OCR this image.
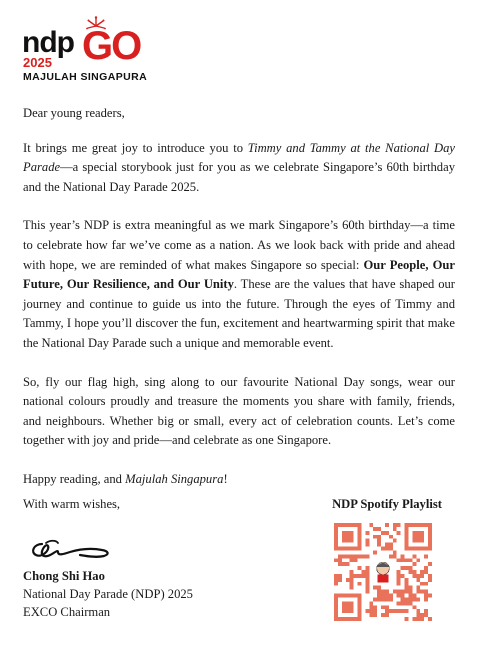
ndp GO
2025
MAJULAH SINGAPURA

Dear young readers,

It brings me great joy to introduce you to Timmy and Tammy at the National Day Parade—a special storybook just for you as we celebrate Singapore’s 60th birthday and the National Day Parade 2025.

This year’s NDP is extra meaningful as we mark Singapore’s 60th birthday—a time to celebrate how far we’ve come as a nation. As we look back with pride and ahead with hope, we are reminded of what makes Singapore so special: Our People, Our Future, Our Resilience, and Our Unity. These are the values that have shaped our journey and continue to guide us into the future. Through the eyes of Timmy and Tammy, I hope you’ll discover the fun, excitement and heartwarming spirit that make the National Day Parade such a unique and memorable event.

So, fly our flag high, sing along to our favourite National Day songs, wear our national colours proudly and treasure the moments you share with family, friends, and neighbours. Whether big or small, every act of celebration counts. Let’s come together with joy and pride—and celebrate as one Singapore.

Happy reading, and Majulah Singapura!

With warm wishes,
Chong Shi Hao
National Day Parade (NDP) 2025
EXCO Chairman
NDP Spotify Playlist
